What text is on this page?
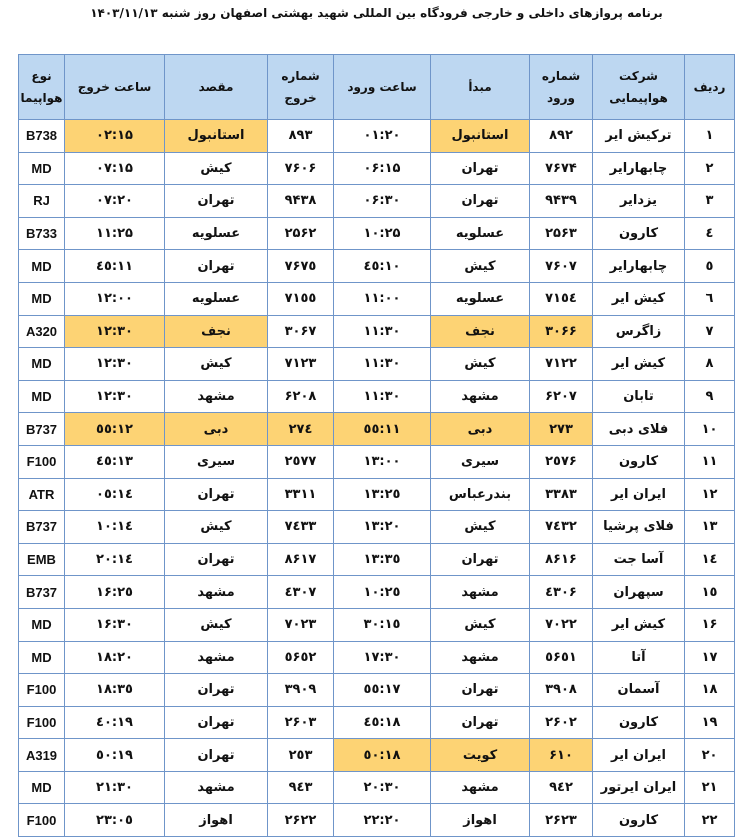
برنامه پروازهای داخلی و خارجی فرودگاه بین المللی شهید بهشتی اصفهان روز شنبه ۱۴۰۳/۱۱/۱۳
ردیف	شرکت هواپیمایی	شماره ورود	مبدأ	ساعت ورود	شماره خروج	مقصد	ساعت خروج	نوع هواپیما
۱	ترکیش ایر	۸۹۲	استانبول	۰۱:۲۰	۸۹۳	استانبول	۰۲:۱۵	B738
۲	چابهارایر	۷۶۷۴	تهران	۰۶:۱۵	۷۶۰۶	کیش	۰۷:۱۵	MD
۳	یزدایر	۹۴۳۹	تهران	۰۶:۳۰	۹۴۳۸	تهران	۰۷:۲۰	RJ
٤	کارون	۲۵۶۳	عسلویه	۱۰:۲۵	۲۵۶۲	عسلویه	۱۱:۲۵	B733
٥	چابهارایر	۷۶۰۷	کیش	۱۰:٤٥	۷۶۷٥	تهران	۱۱:٤٥	MD
٦	کیش ایر	۷۱٥٤	عسلویه	۱۱:۰۰	۷۱٥٥	عسلویه	۱۲:۰۰	MD
۷	زاگرس	۳۰۶۶	نجف	۱۱:۳۰	۳۰۶۷	نجف	۱۲:۳۰	A320
۸	کیش ایر	۷۱۲۲	کیش	۱۱:۳۰	۷۱۲۳	کیش	۱۲:۳۰	MD
۹	تابان	۶۲۰۷	مشهد	۱۱:۳۰	۶۲۰۸	مشهد	۱۲:۳۰	MD
۱۰	فلای دبی	۲۷۳	دبی	۱۱:٥٥	۲۷٤	دبی	۱۲:٥٥	B737
۱۱	کارون	۲٥۷۶	سیری	۱۳:۰۰	۲٥۷۷	سیری	۱۳:٤٥	F100
۱۲	ایران ایر	۳۳۸۳	بندرعباس	۱۳:۲٥	۳۳۱۱	تهران	۱٤:۰٥	ATR
۱۳	فلای پرشیا	۷٤۳۲	کیش	۱۳:۲۰	۷٤۳۳	کیش	۱٤:۱۰	B737
۱٤	آسا جت	۸۶۱۶	تهران	۱۳:۳٥	۸۶۱۷	تهران	۱٤:۲۰	EMB
۱٥	سپهران	٤۳۰۶	مشهد	۱۰:۲٥	٤۳۰۷	مشهد	۱۶:۲٥	B737
۱۶	کیش ایر	۷۰۲۲	کیش	۱٥:۳۰	۷۰۲۳	کیش	۱۶:۳۰	MD
۱۷	آتا	٥۶٥۱	مشهد	۱۷:۳۰	٥۶٥۲	مشهد	۱۸:۲۰	MD
۱۸	آسمان	۳۹۰۸	تهران	۱۷:٥٥	۳۹۰۹	تهران	۱۸:۳٥	F100
۱۹	کارون	۲۶۰۲	تهران	۱۸:٤٥	۲۶۰۳	تهران	۱۹:٤۰	F100
۲۰	ایران ایر	۶۱۰	کویت	۱۸:٥۰	۲٥۳	تهران	۱۹:٥۰	A319
۲۱	ایران ایرتور	۹٤۲	مشهد	۲۰:۳۰	۹٤۳	مشهد	۲۱:۳۰	MD
۲۲	کارون	۲۶۲۳	اهواز	۲۲:۲۰	۲۶۲۲	اهواز	۲۳:۰٥	F100
